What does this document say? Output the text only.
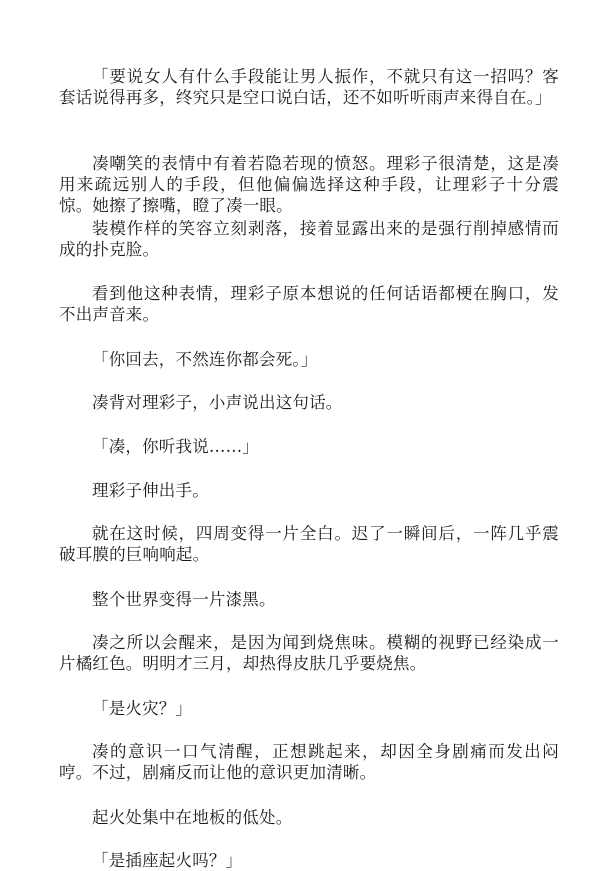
「要说女人有什么手段能让男人振作，不就只有这一招吗？客套话说得再多，终究只是空口说白话，还不如听听雨声来得自在。」

凑嘲笑的表情中有着若隐若现的愤怒。理彩子很清楚，这是凑用来疏远别人的手段，但他偏偏选择这种手段，让理彩子十分震惊。她擦了擦嘴，瞪了凑一眼。

装模作样的笑容立刻剥落，接着显露出来的是强行削掉感情而成的扑克脸。

看到他这种表情，理彩子原本想说的任何话语都梗在胸口，发不出声音来。

「你回去，不然连你都会死。」

凑背对理彩子，小声说出这句话。

「凑，你听我说……」

理彩子伸出手。

就在这时候，四周变得一片全白。迟了一瞬间后，一阵几乎震破耳膜的巨响响起。

整个世界变得一片漆黑。

凑之所以会醒来，是因为闻到烧焦味。模糊的视野已经染成一片橘红色。明明才三月，却热得皮肤几乎要烧焦。

「是火灾？」

凑的意识一口气清醒，正想跳起来，却因全身剧痛而发出闷哼。不过，剧痛反而让他的意识更加清晰。

起火处集中在地板的低处。

「是插座起火吗？」
